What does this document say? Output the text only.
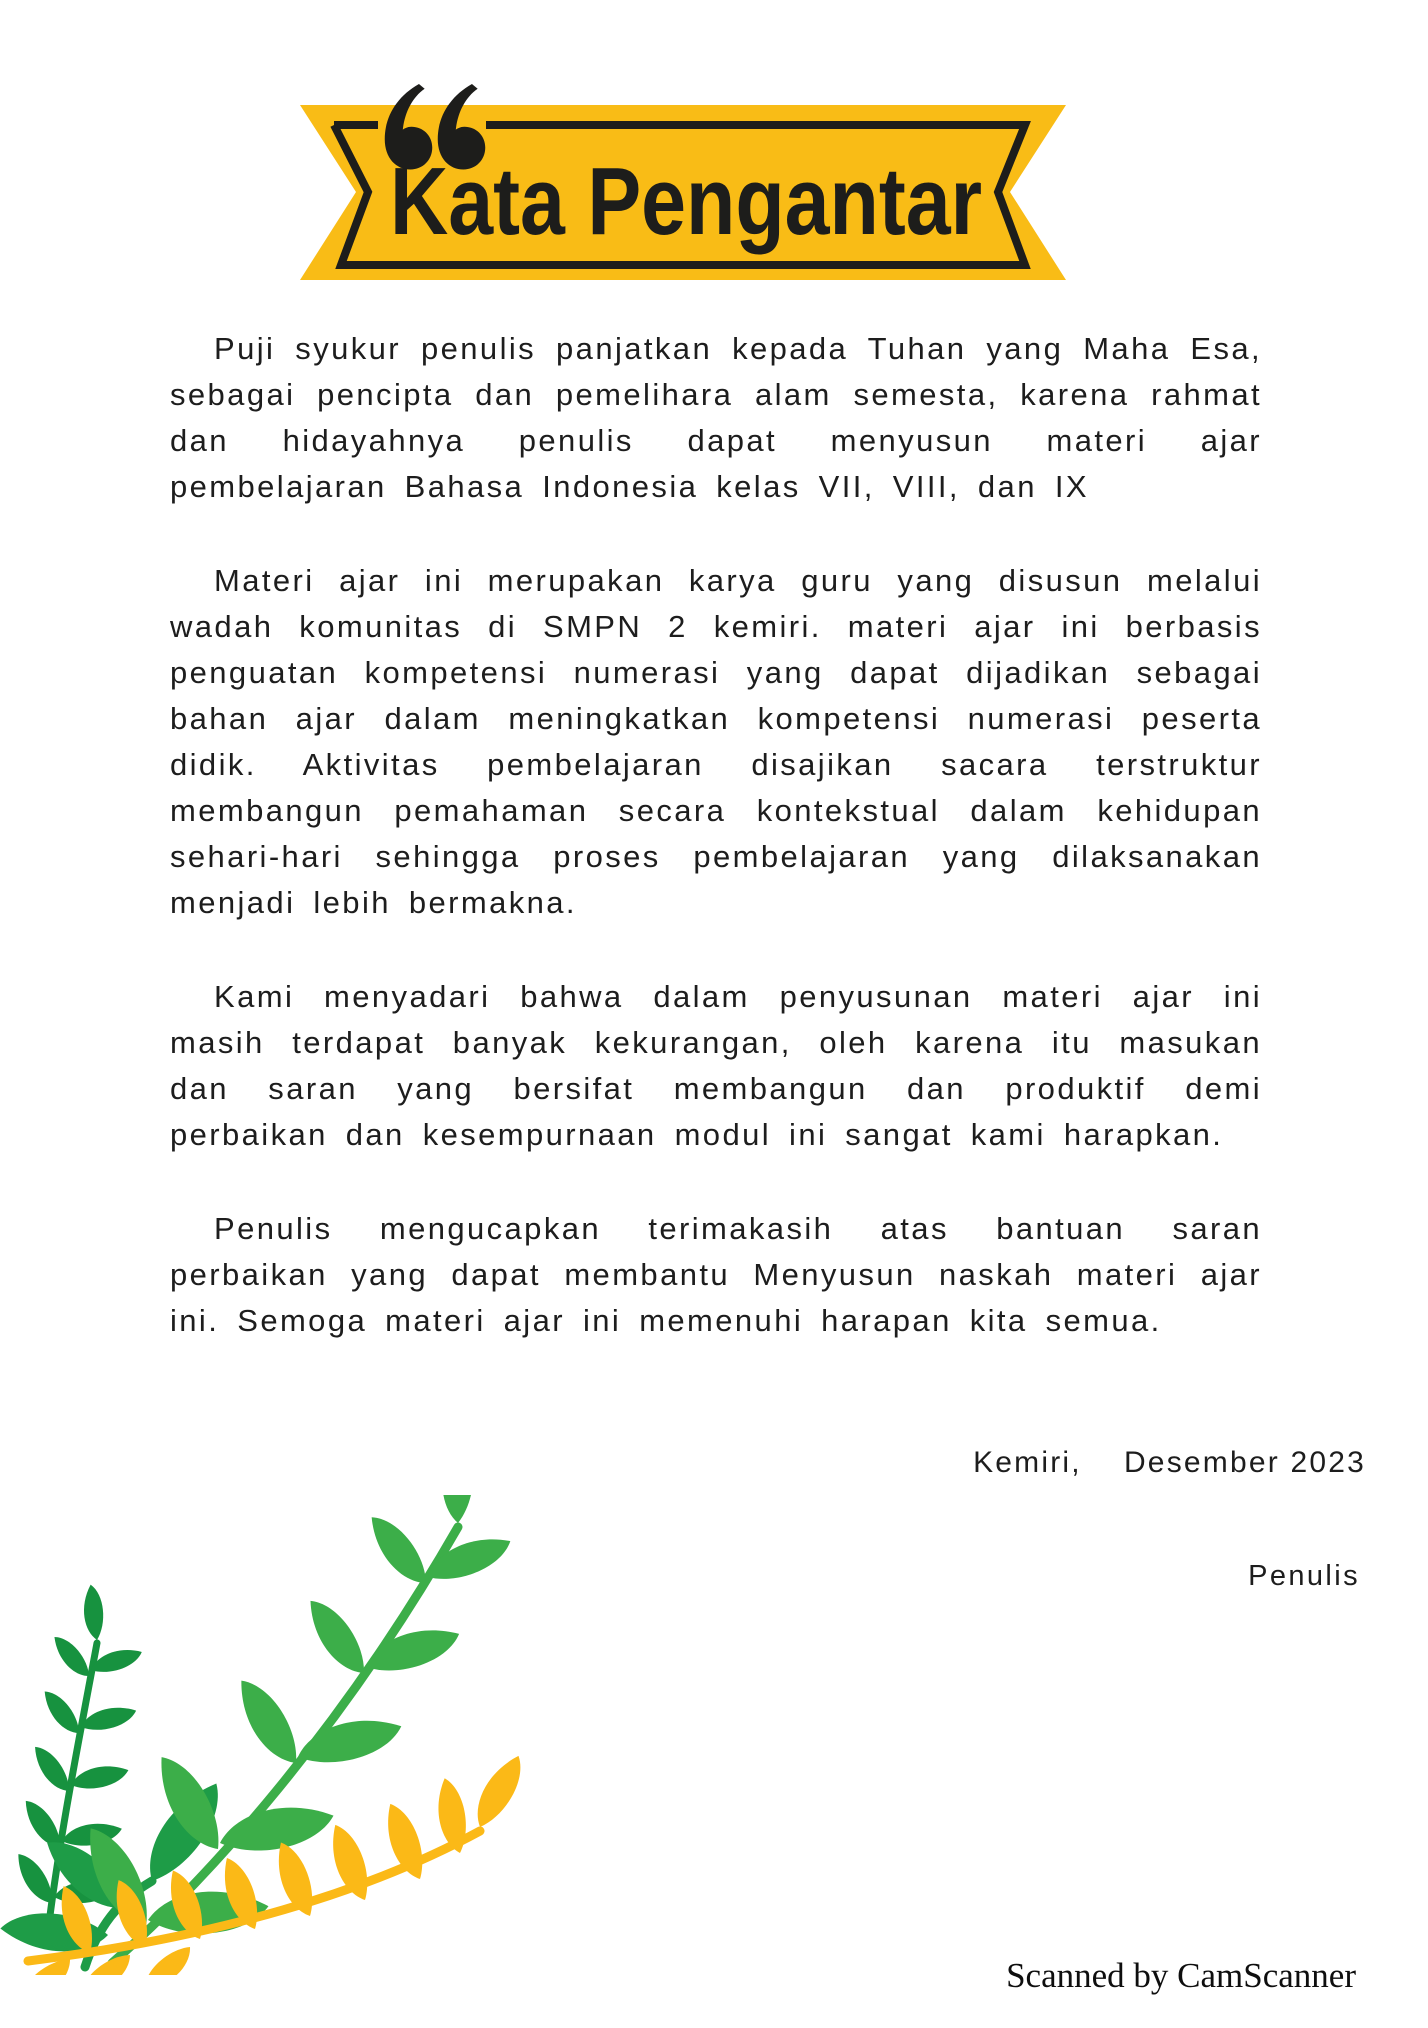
Kata Pengantar

Puji syukur penulis panjatkan kepada Tuhan yang Maha Esa, sebagai pencipta dan pemelihara alam semesta, karena rahmat dan hidayahnya penulis dapat menyusun materi ajar pembelajaran Bahasa Indonesia kelas VII, VIII, dan IX

Materi ajar ini merupakan karya guru yang disusun melalui wadah komunitas di SMPN 2 kemiri. materi ajar ini berbasis penguatan kompetensi numerasi yang dapat dijadikan sebagai bahan ajar dalam meningkatkan kompetensi numerasi peserta didik. Aktivitas pembelajaran disajikan sacara terstruktur membangun pemahaman secara kontekstual dalam kehidupan sehari-hari sehingga proses pembelajaran yang dilaksanakan menjadi lebih bermakna.

Kami menyadari bahwa dalam penyusunan materi ajar ini masih terdapat banyak kekurangan, oleh karena itu masukan dan saran yang bersifat membangun dan produktif demi perbaikan dan kesempurnaan modul ini sangat kami harapkan.

Penulis mengucapkan terimakasih atas bantuan saran perbaikan yang dapat membantu Menyusun naskah materi ajar ini. Semoga materi ajar ini memenuhi harapan kita semua.

Kemiri,    Desember 2023
Penulis
Scanned by CamScanner
